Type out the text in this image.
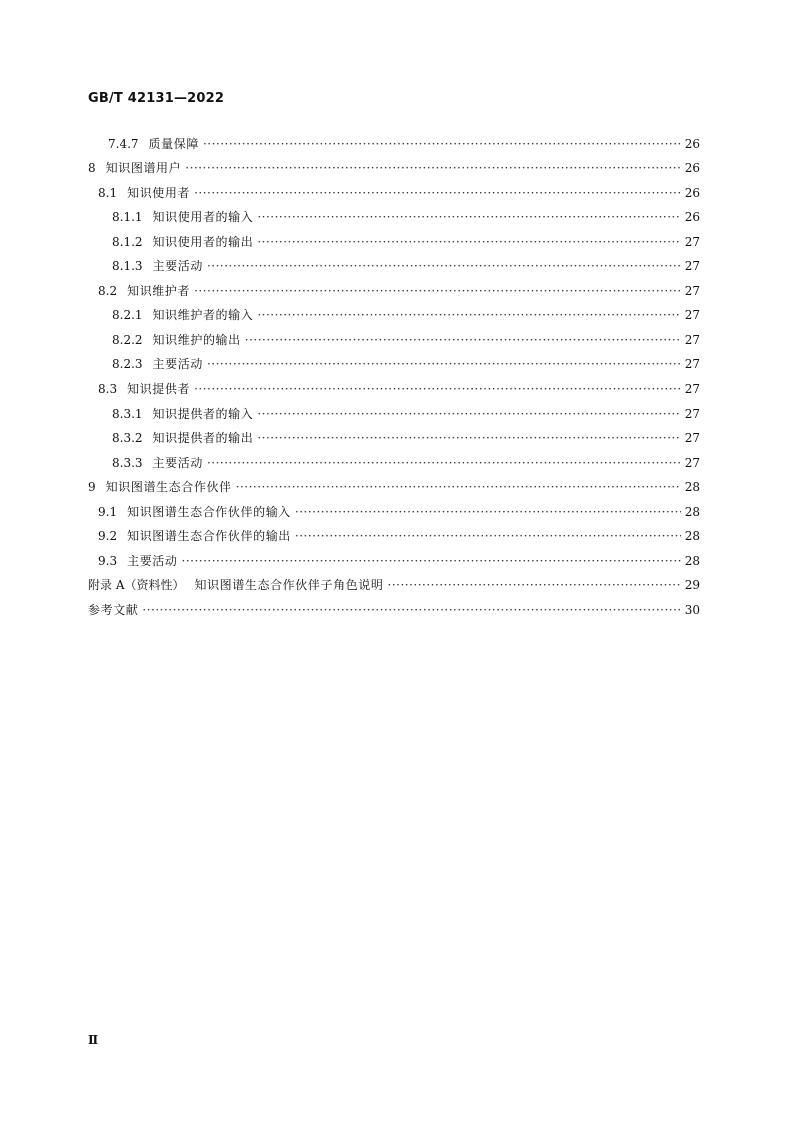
GB/T 42131—2022
7.4.7 质量保障 ·····	26
8 知识图谱用户 ·····	26
8.1 知识使用者 ·····	26
8.1.1 知识使用者的输入 ·····	26
8.1.2 知识使用者的输出 ·····	27
8.1.3 主要活动 ·····	27
8.2 知识维护者 ·····	27
8.2.1 知识维护者的输入 ·····	27
8.2.2 知识维护的输出 ·····	27
8.2.3 主要活动 ·····	27
8.3 知识提供者 ·····	27
8.3.1 知识提供者的输入 ·····	27
8.3.2 知识提供者的输出 ·····	27
8.3.3 主要活动 ·····	27
9 知识图谱生态合作伙伴 ·····	28
9.1 知识图谱生态合作伙伴的输入 ·····	28
9.2 知识图谱生态合作伙伴的输出 ·····	28
9.3 主要活动 ·····	28
附录 A（资料性） 知识图谱生态合作伙伴子角色说明 ·····	29
参考文献 ·····	30
Ⅱ
